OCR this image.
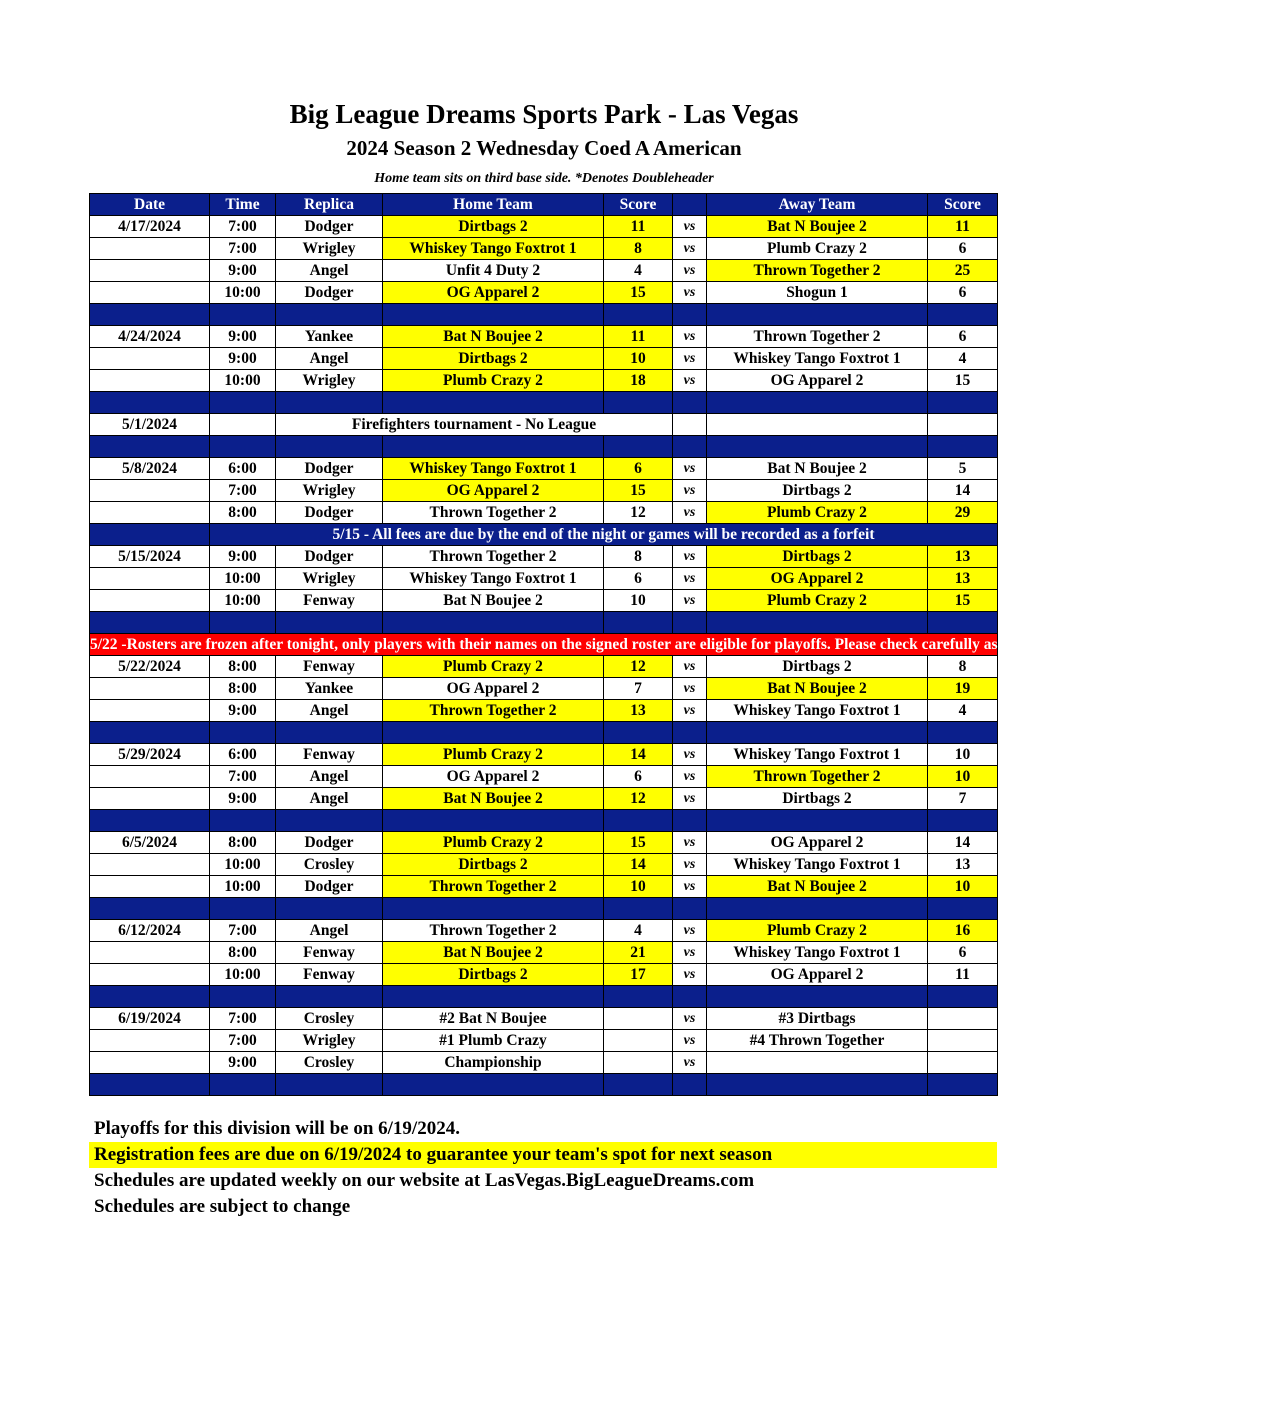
Big League Dreams Sports Park - Las Vegas
2024 Season 2 Wednesday Coed A American
Home team sits on third base side. *Denotes Doubleheader
Date	Time	Replica	Home Team	Score		Away Team	Score
4/17/2024	7:00	Dodger	Dirtbags 2	11	vs	Bat N Boujee 2	11
	7:00	Wrigley	Whiskey Tango Foxtrot 1	8	vs	Plumb Crazy 2	6
	9:00	Angel	Unfit 4 Duty 2	4	vs	Thrown Together 2	25
	10:00	Dodger	OG Apparel 2	15	vs	Shogun 1	6

4/24/2024	9:00	Yankee	Bat N Boujee 2	11	vs	Thrown Together 2	6
	9:00	Angel	Dirtbags 2	10	vs	Whiskey Tango Foxtrot 1	4
	10:00	Wrigley	Plumb Crazy 2	18	vs	OG Apparel 2	15

5/1/2024		Firefighters tournament - No League					

5/8/2024	6:00	Dodger	Whiskey Tango Foxtrot 1	6	vs	Bat N Boujee 2	5
	7:00	Wrigley	OG Apparel 2	15	vs	Dirtbags 2	14
	8:00	Dodger	Thrown Together 2	12	vs	Plumb Crazy 2	29
	5/15 - All fees are due by the end of the night or games will be recorded as a forfeit						
5/15/2024	9:00	Dodger	Thrown Together 2	8	vs	Dirtbags 2	13
	10:00	Wrigley	Whiskey Tango Foxtrot 1	6	vs	OG Apparel 2	13
	10:00	Fenway	Bat N Boujee 2	10	vs	Plumb Crazy 2	15

5/22 -Rosters are frozen after tonight, only players with their names on the signed roster are eligible for playoffs. Please check carefully as changes will not be made for omissions.							
5/22/2024	8:00	Fenway	Plumb Crazy 2	12	vs	Dirtbags 2	8
	8:00	Yankee	OG Apparel 2	7	vs	Bat N Boujee 2	19
	9:00	Angel	Thrown Together 2	13	vs	Whiskey Tango Foxtrot 1	4

5/29/2024	6:00	Fenway	Plumb Crazy 2	14	vs	Whiskey Tango Foxtrot 1	10
	7:00	Angel	OG Apparel 2	6	vs	Thrown Together 2	10
	9:00	Angel	Bat N Boujee 2	12	vs	Dirtbags 2	7

6/5/2024	8:00	Dodger	Plumb Crazy 2	15	vs	OG Apparel 2	14
	10:00	Crosley	Dirtbags 2	14	vs	Whiskey Tango Foxtrot 1	13
	10:00	Dodger	Thrown Together 2	10	vs	Bat N Boujee 2	10

6/12/2024	7:00	Angel	Thrown Together 2	4	vs	Plumb Crazy 2	16
	8:00	Fenway	Bat N Boujee 2	21	vs	Whiskey Tango Foxtrot 1	6
	10:00	Fenway	Dirtbags 2	17	vs	OG Apparel 2	11

6/19/2024	7:00	Crosley	#2 Bat N Boujee		vs	#3 Dirtbags	
	7:00	Wrigley	#1 Plumb Crazy		vs	#4 Thrown Together	
	9:00	Crosley	Championship		vs		

Playoffs for this division will be on 6/19/2024.
Registration fees are due on 6/19/2024 to guarantee your team's spot for next season
Schedules are updated weekly on our website at LasVegas.BigLeagueDreams.com
Schedules are subject to change
